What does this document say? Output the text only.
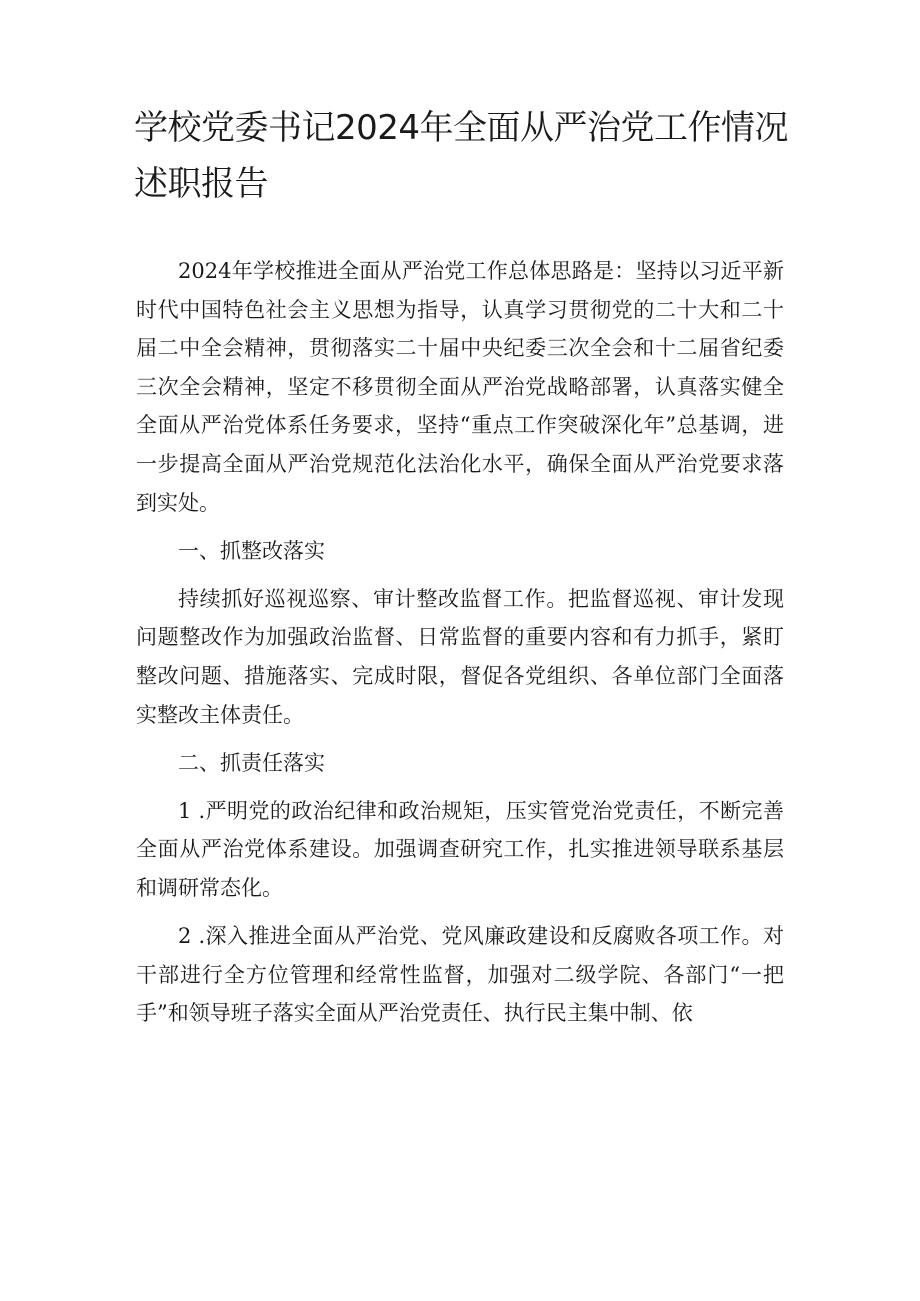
学校党委书记2024年全面从严治党工作情况述职报告

2024年学校推进全面从严治党工作总体思路是：坚持以习近平新时代中国特色社会主义思想为指导，认真学习贯彻党的二十大和二十届二中全会精神，贯彻落实二十届中央纪委三次全会和十二届省纪委三次全会精神，坚定不移贯彻全面从严治党战略部署，认真落实健全全面从严治党体系任务要求，坚持“重点工作突破深化年”总基调，进一步提高全面从严治党规范化法治化水平，确保全面从严治党要求落到实处。

一、抓整改落实

持续抓好巡视巡察、审计整改监督工作。把监督巡视、审计发现问题整改作为加强政治监督、日常监督的重要内容和有力抓手，紧盯整改问题、措施落实、完成时限，督促各党组织、各单位部门全面落实整改主体责任。

二、抓责任落实

1 .严明党的政治纪律和政治规矩，压实管党治党责任，不断完善全面从严治党体系建设。加强调查研究工作，扎实推进领导联系基层和调研常态化。

2 .深入推进全面从严治党、党风廉政建设和反腐败各项工作。对干部进行全方位管理和经常性监督，加强对二级学院、各部门“一把手”和领导班子落实全面从严治党责任、执行民主集中制、依
